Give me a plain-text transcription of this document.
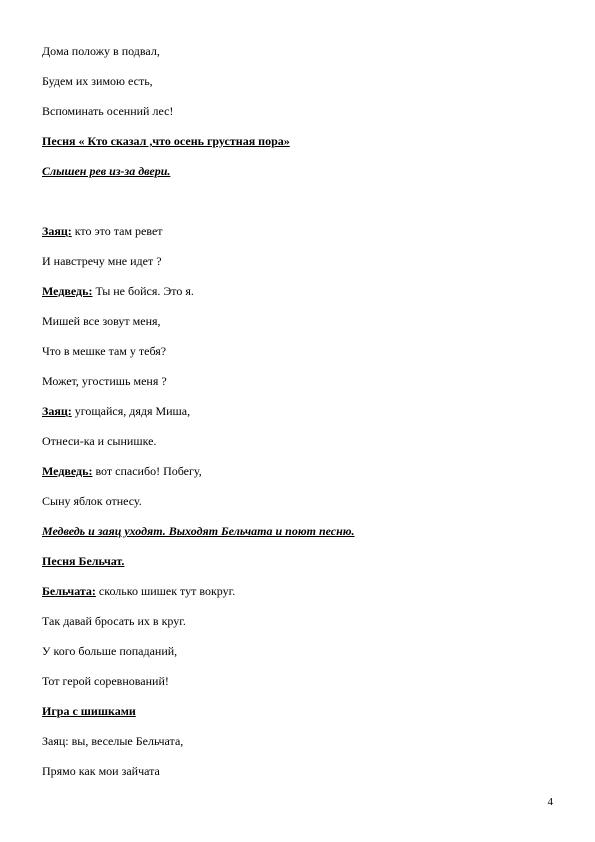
Дома положу в подвал,
Будем их зимою есть,
Вспоминать осенний лес!
Песня « Кто сказал ,что осень грустная пора»
Слышен рев из-за двери.
Заяц: кто это там ревет
И навстречу мне идет ?
Медведь: Ты не бойся. Это я.
Мишей все зовут меня,
Что в мешке там у тебя?
Может, угостишь меня ?
Заяц: угощайся, дядя Миша,
Отнеси-ка и сынишке.
Медведь: вот спасибо! Побегу,
Сыну яблок отнесу.
Медведь и заяц уходят. Выходят Бельчата и поют песню.
Песня Бельчат.
Бельчата: сколько шишек тут вокруг.
Так давай бросать их в круг.
У кого больше попаданий,
Тот герой соревнований!
Игра с шишками
Заяц: вы, веселые Бельчата,
Прямо как мои зайчата
4
